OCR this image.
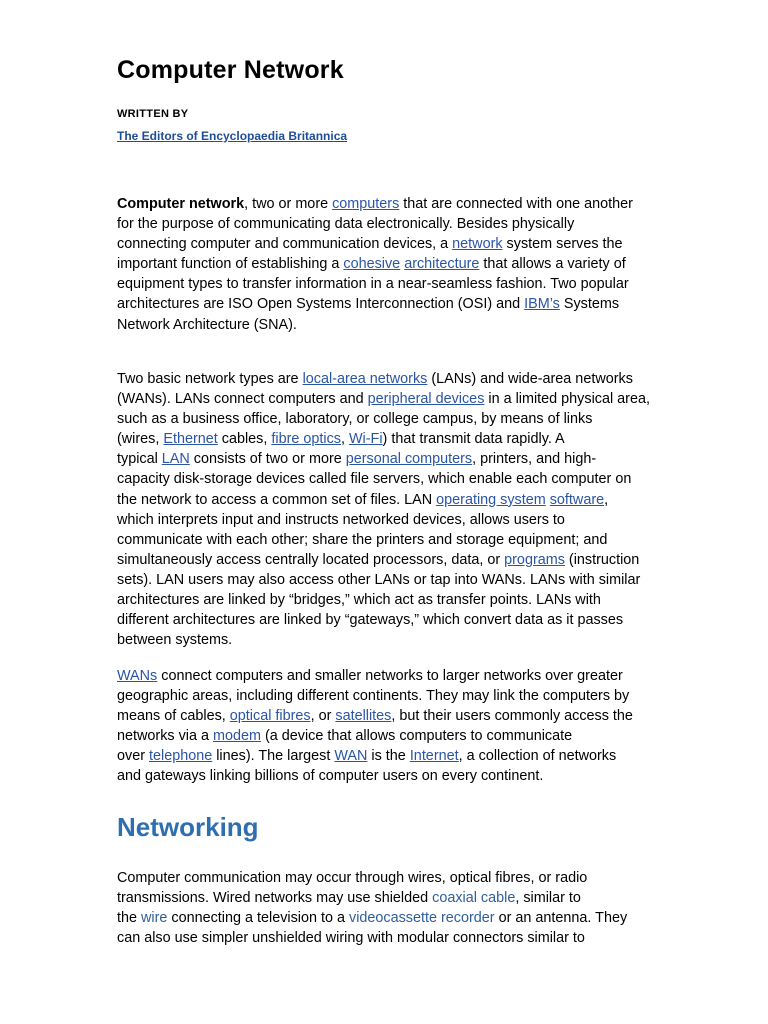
Computer Network
WRITTEN BY
The Editors of Encyclopaedia Britannica
Computer network, two or more computers that are connected with one another
for the purpose of communicating data electronically. Besides physically
connecting computer and communication devices, a network system serves the
important function of establishing a cohesive architecture that allows a variety of
equipment types to transfer information in a near-seamless fashion. Two popular
architectures are ISO Open Systems Interconnection (OSI) and IBM’s Systems
Network Architecture (SNA).
Two basic network types are local-area networks (LANs) and wide-area networks
(WANs). LANs connect computers and peripheral devices in a limited physical area,
such as a business office, laboratory, or college campus, by means of links
(wires, Ethernet cables, fibre optics, Wi-Fi) that transmit data rapidly. A
typical LAN consists of two or more personal computers, printers, and high-
capacity disk-storage devices called file servers, which enable each computer on
the network to access a common set of files. LAN operating system software,
which interprets input and instructs networked devices, allows users to
communicate with each other; share the printers and storage equipment; and
simultaneously access centrally located processors, data, or programs (instruction
sets). LAN users may also access other LANs or tap into WANs. LANs with similar
architectures are linked by “bridges,” which act as transfer points. LANs with
different architectures are linked by “gateways,” which convert data as it passes
between systems.
WANs connect computers and smaller networks to larger networks over greater
geographic areas, including different continents. They may link the computers by
means of cables, optical fibres, or satellites, but their users commonly access the
networks via a modem (a device that allows computers to communicate
over telephone lines). The largest WAN is the Internet, a collection of networks
and gateways linking billions of computer users on every continent.
Networking
Computer communication may occur through wires, optical fibres, or radio
transmissions. Wired networks may use shielded coaxial cable, similar to
the wire connecting a television to a videocassette recorder or an antenna. They
can also use simpler unshielded wiring with modular connectors similar to
